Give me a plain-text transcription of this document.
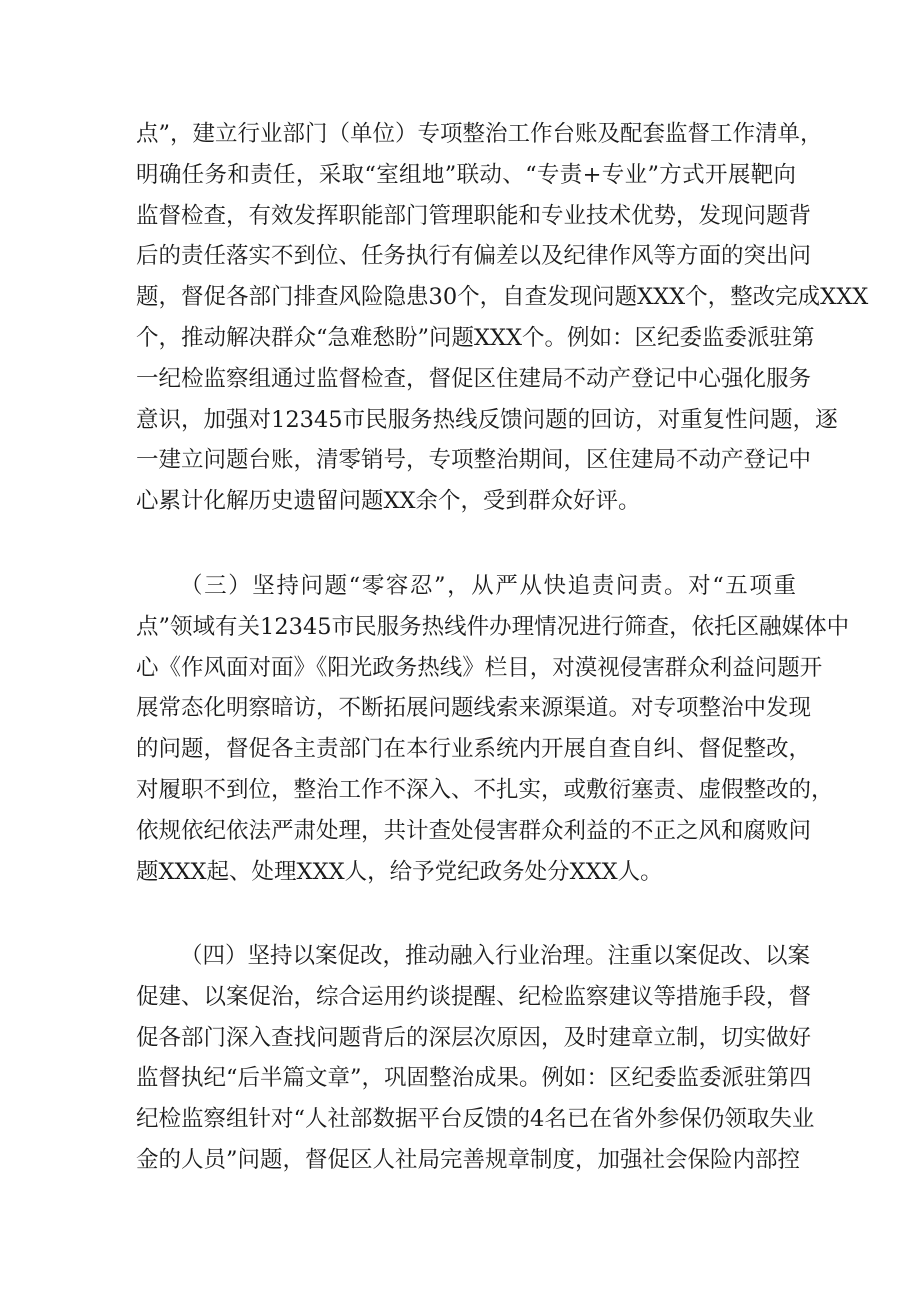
点”，建立行业部门（单位）专项整治工作台账及配套监督工作清单，
明确任务和责任，采取“室组地”联动、“专责+专业”方式开展靶向
监督检查，有效发挥职能部门管理职能和专业技术优势，发现问题背
后的责任落实不到位、任务执行有偏差以及纪律作风等方面的突出问
题，督促各部门排查风险隐患30个，自查发现问题XXX个，整改完成XXX
个，推动解决群众“急难愁盼”问题XXX个。例如：区纪委监委派驻第
一纪检监察组通过监督检查，督促区住建局不动产登记中心强化服务
意识，加强对12345市民服务热线反馈问题的回访，对重复性问题，逐
一建立问题台账，清零销号，专项整治期间，区住建局不动产登记中
心累计化解历史遗留问题XX余个，受到群众好评。
（三）坚持问题“零容忍”，从严从快追责问责。对“五项重
点”领域有关12345市民服务热线件办理情况进行筛查，依托区融媒体中
心《作风面对面》《阳光政务热线》栏目，对漠视侵害群众利益问题开
展常态化明察暗访，不断拓展问题线索来源渠道。对专项整治中发现
的问题，督促各主责部门在本行业系统内开展自查自纠、督促整改，
对履职不到位，整治工作不深入、不扎实，或敷衍塞责、虚假整改的，
依规依纪依法严肃处理，共计查处侵害群众利益的不正之风和腐败问
题XXX起、处理XXX人，给予党纪政务处分XXX人。
（四）坚持以案促改，推动融入行业治理。注重以案促改、以案
促建、以案促治，综合运用约谈提醒、纪检监察建议等措施手段，督
促各部门深入查找问题背后的深层次原因，及时建章立制，切实做好
监督执纪“后半篇文章”，巩固整治成果。例如：区纪委监委派驻第四
纪检监察组针对“人社部数据平台反馈的4名已在省外参保仍领取失业
金的人员”问题，督促区人社局完善规章制度，加强社会保险内部控
